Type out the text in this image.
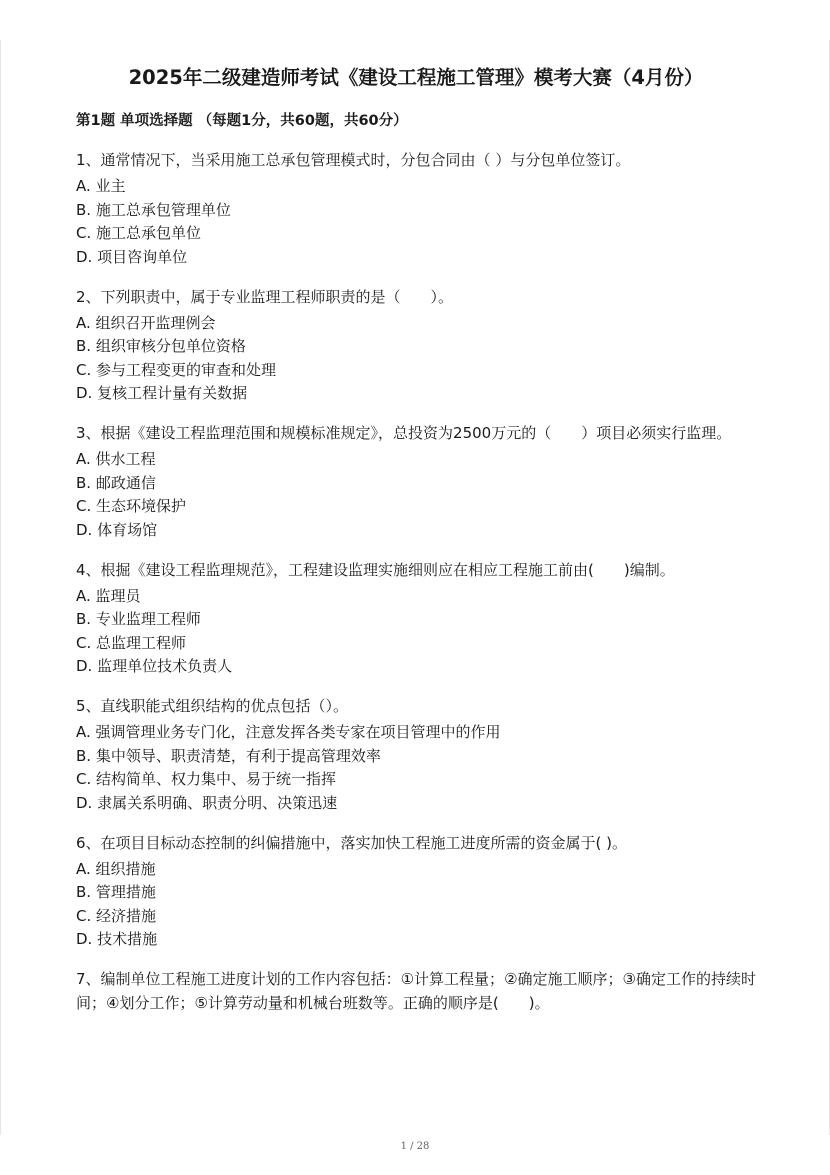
2025年二级建造师考试《建设工程施工管理》模考大赛（4月份）
第1题 单项选择题 （每题1分，共60题，共60分）
1、通常情况下，当采用施工总承包管理模式时，分包合同由（ ）与分包单位签订。
A. 业主
B. 施工总承包管理单位
C. 施工总承包单位
D. 项目咨询单位
2、下列职责中，属于专业监理工程师职责的是（　　）。
A. 组织召开监理例会
B. 组织审核分包单位资格
C. 参与工程变更的审查和处理
D. 复核工程计量有关数据
3、根据《建设工程监理范围和规模标准规定》，总投资为2500万元的（　　）项目必须实行监理。
A. 供水工程
B. 邮政通信
C. 生态环境保护
D. 体育场馆
4、根掘《建设工程监理规范》，工程建设监理实施细则应在相应工程施工前由(　　)编制。
A. 监理员
B. 专业监理工程师
C. 总监理工程师
D. 监理单位技术负责人
5、直线职能式组织结构的优点包括（）。
A. 强调管理业务专门化，注意发挥各类专家在项目管理中的作用
B. 集中领导、职责清楚，有利于提高管理效率
C. 结构简单、权力集中、易于统一指挥
D. 隶属关系明确、职责分明、决策迅速
6、在项目目标动态控制的纠偏措施中，落实加快工程施工进度所需的资金属于( )。
A. 组织措施
B. 管理措施
C. 经济措施
D. 技术措施
7、编制单位工程施工进度计划的工作内容包括：①计算工程量；②确定施工顺序；③确定工作的持续时间；④划分工作；⑤计算劳动量和机械台班数等。正确的顺序是(　　)。
1 / 28
